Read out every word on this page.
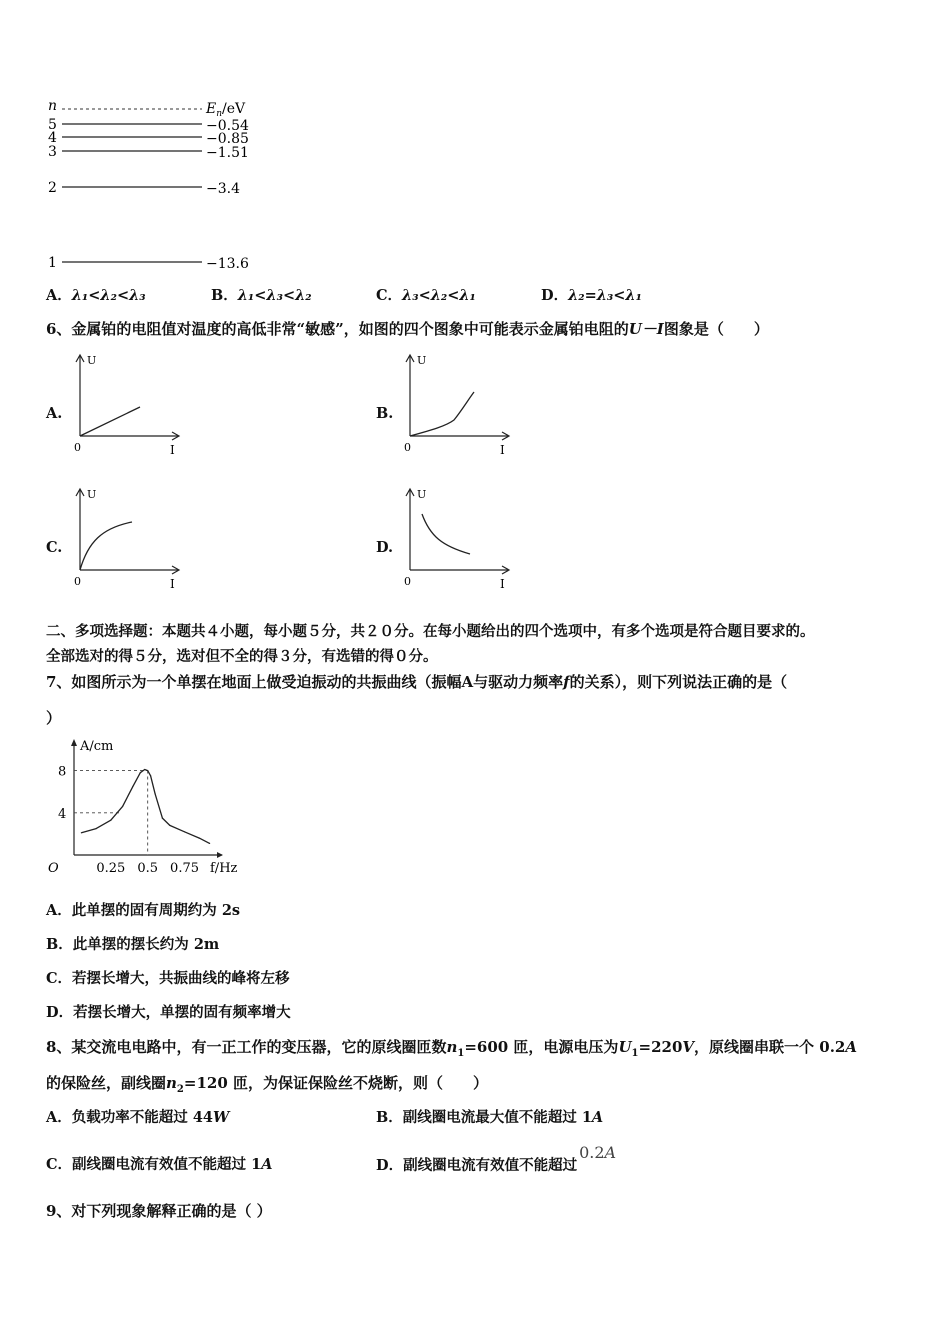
n	$E_n/eV$
5	−0.54
4	−0.85
3	−1.51
2	−3.4
1	−13.6
A．λ₁<λ₂<λ₃	B．λ₁<λ₃<λ₂	C．λ₃<λ₂<λ₁	D．λ₂=λ₃<λ₁
6、金属铂的电阻值对温度的高低非常“敏感”，如图的四个图象中可能表示金属铂电阻的U－I图象是（　　）
A.
U
I
0
B.
U
I
0
C.
U
I
0
D.
U
I
0
二、多项选择题：本题共４小题，每小题５分，共２０分。在每小题给出的四个选项中，有多个选项是符合题目要求的。
全部选对的得５分，选对但不全的得３分，有选错的得０分。
7、如图所示为一个单摆在地面上做受迫振动的共振曲线（振幅A与驱动力频率f的关系），则下列说法正确的是（
）
A/cm
f/Hz
O
4
8
0.25 0.5 0.75
A．此单摆的固有周期约为 2s
B．此单摆的摆长约为 2m
C．若摆长增大，共振曲线的峰将左移
D．若摆长增大，单摆的固有频率增大
8、某交流电电路中，有一正工作的变压器，它的原线圈匝数$n_1=600$ 匝，电源电压为$U_1=220V$，原线圈串联一个 0.2A
的保险丝，副线圈$n_2=120$ 匝，为保证保险丝不烧断，则（　　）
A．负载功率不能超过 44W	B．副线圈电流最大值不能超过 1A
C．副线圈电流有效值不能超过 1A	D．副线圈电流有效值不能超过0.2A
9、对下列现象解释正确的是（ ）
